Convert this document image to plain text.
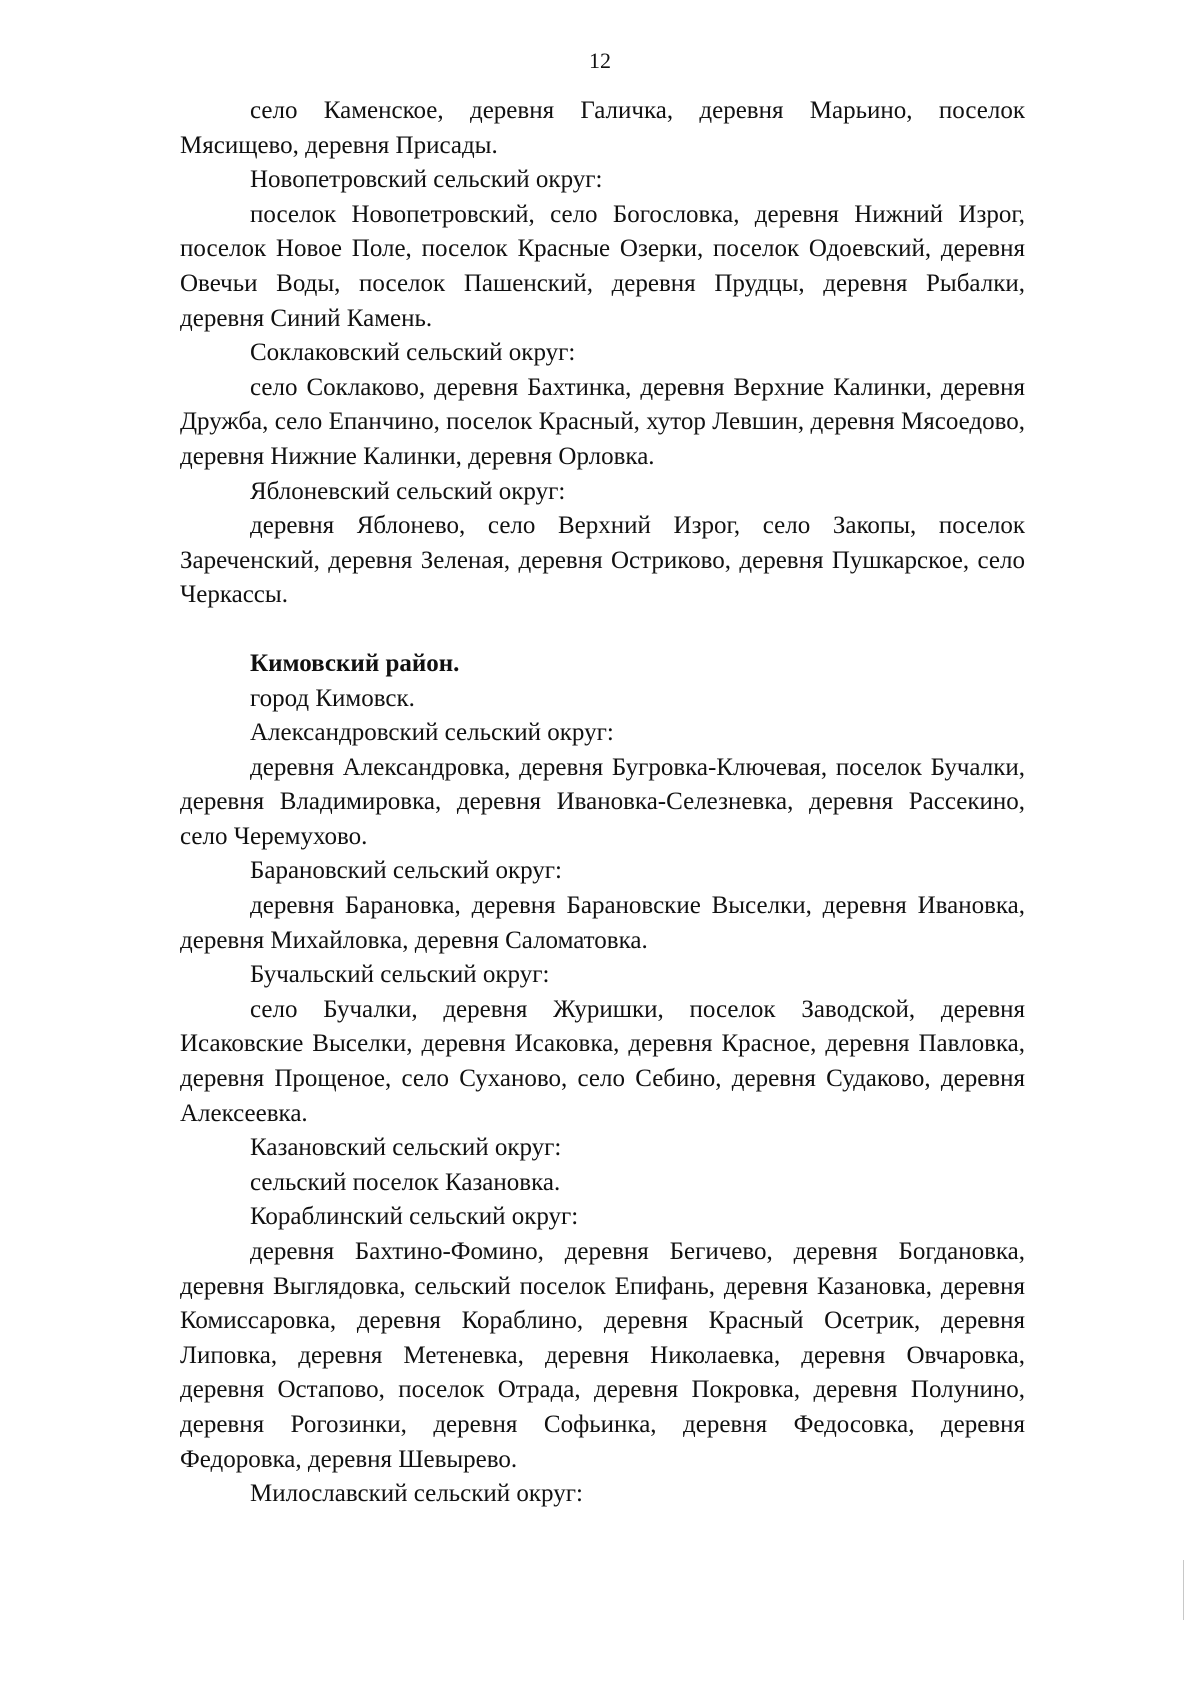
12

село Каменское, деревня Галичка, деревня Марьино, поселок Мясищево, деревня Присады.

Новопетровский сельский округ:

поселок Новопетровский, село Богословка, деревня Нижний Изрог, поселок Новое Поле, поселок Красные Озерки, поселок Одоевский, деревня Овечьи Воды, поселок Пашенский, деревня Прудцы, деревня Рыбалки, деревня Синий Камень.

Соклаковский сельский округ:

село Соклаково, деревня Бахтинка, деревня Верхние Калинки, деревня Дружба, село Епанчино, поселок Красный, хутор Левшин, деревня Мясоедово, деревня Нижние Калинки, деревня Орловка.

Яблоневский сельский округ:

деревня Яблонево, село Верхний Изрог, село Закопы, поселок Зареченский, деревня Зеленая, деревня Остриково, деревня Пушкарское, село Черкассы.

Кимовский район.

город Кимовск.

Александровский сельский округ:

деревня Александровка, деревня Бугровка-Ключевая, поселок Бучалки, деревня Владимировка, деревня Ивановка-Селезневка, деревня Рассекино, село Черемухово.

Барановский сельский округ:

деревня Барановка, деревня Барановские Выселки, деревня Ивановка, деревня Михайловка, деревня Саломатовка.

Бучальский сельский округ:

село Бучалки, деревня Журишки, поселок Заводской, деревня Исаковские Выселки, деревня Исаковка, деревня Красное, деревня Павловка, деревня Прощеное, село Суханово, село Себино, деревня Судаково, деревня Алексеевка.

Казановский сельский округ:

сельский поселок Казановка.

Кораблинский сельский округ:

деревня Бахтино-Фомино, деревня Бегичево, деревня Богдановка, деревня Выглядовка, сельский поселок Епифань, деревня Казановка, деревня Комиссаровка, деревня Кораблино, деревня Красный Осетрик, деревня Липовка, деревня Метеневка, деревня Николаевка, деревня Овчаровка, деревня Остапово, поселок Отрада, деревня Покровка, деревня Полунино, деревня Рогозинки, деревня Софьинка, деревня Федосовка, деревня Федоровка, деревня Шевырево.

Милославский сельский округ:
